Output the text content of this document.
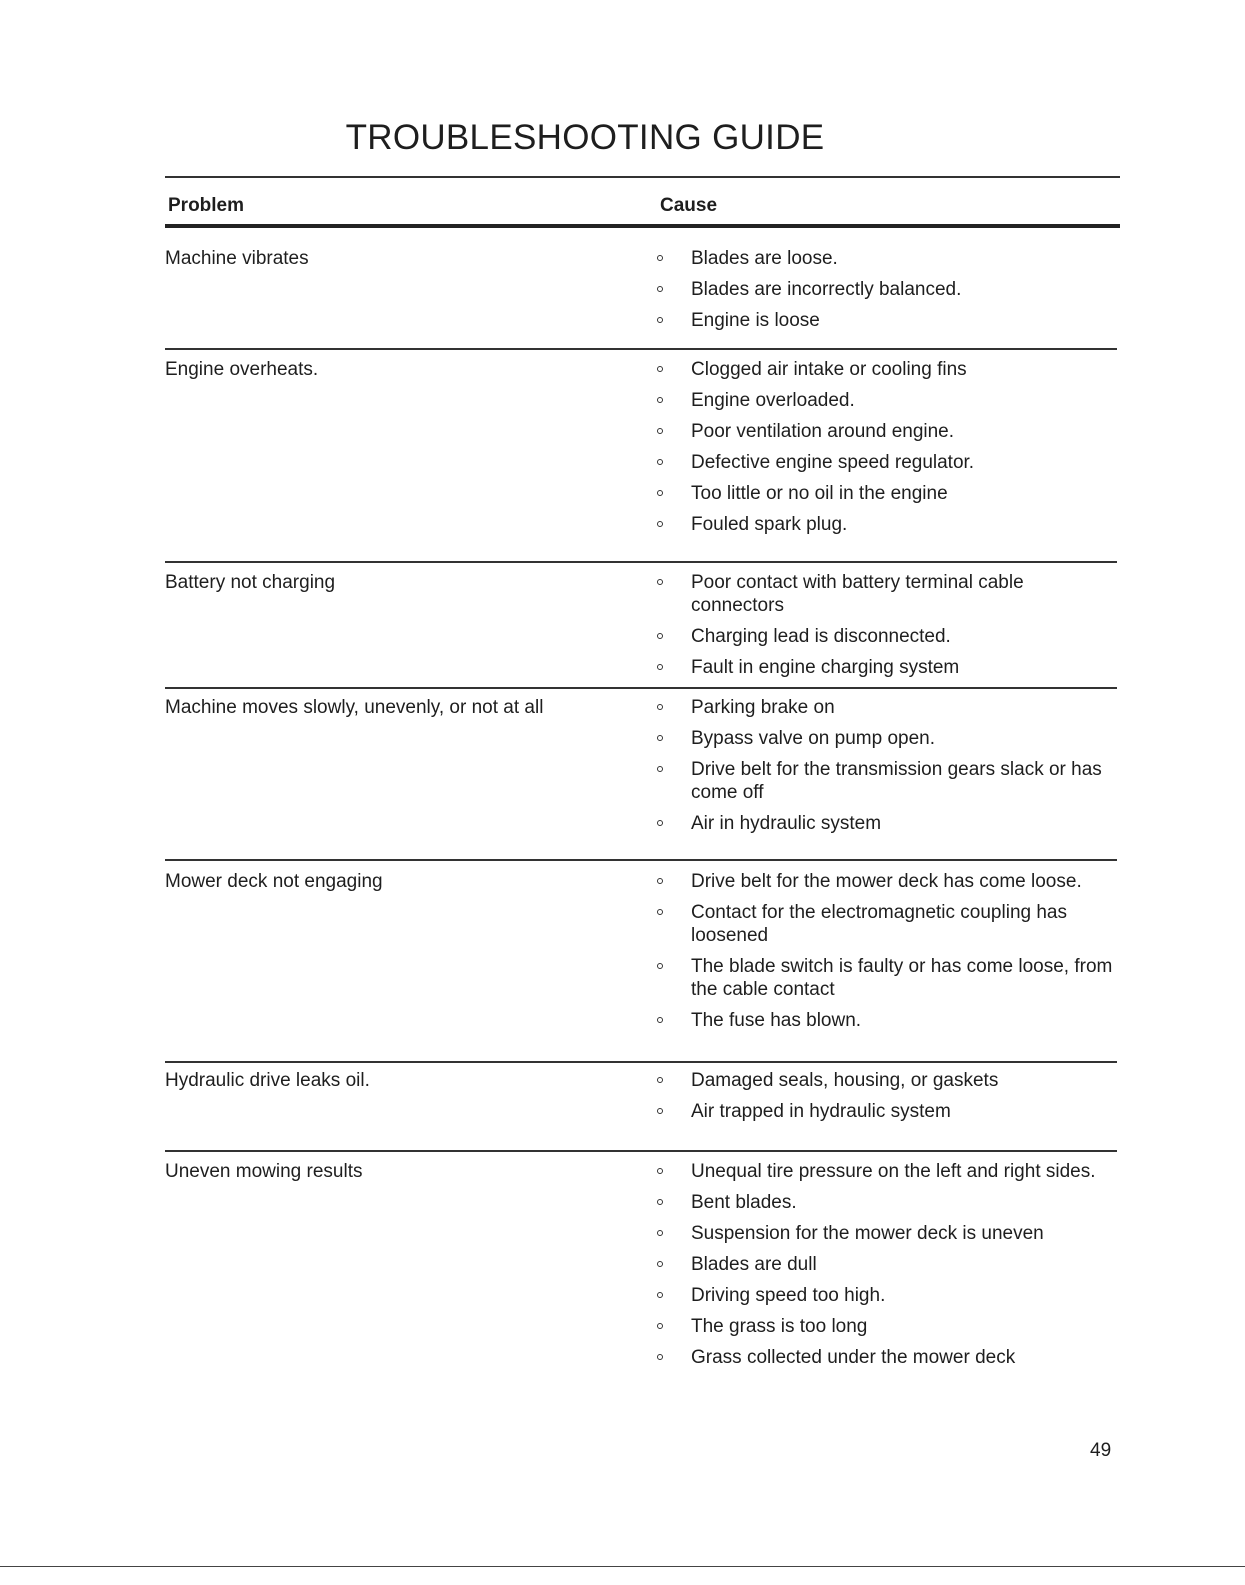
TROUBLESHOOTING GUIDE
Problem	Cause
Machine vibrates	Blades are loose.
Blades are incorrectly balanced.
Engine is loose
Engine overheats.	Clogged air intake or cooling fins
Engine overloaded.
Poor ventilation around engine.
Defective engine speed regulator.
Too little or no oil in the engine
Fouled spark plug.
Battery not charging	Poor contact with battery terminal cable connectors
Charging lead is disconnected.
Fault in engine charging system
Machine moves slowly, unevenly, or not at all	Parking brake on
Bypass valve on pump open.
Drive belt for the transmission gears slack or has come off
Air in hydraulic system
Mower deck not engaging	Drive belt for the mower deck has come loose.
Contact for the electromagnetic coupling has loosened
The blade switch is faulty or has come loose, from the cable contact
The fuse has blown.
Hydraulic drive leaks oil.	Damaged seals, housing, or gaskets
Air trapped in hydraulic system
Uneven mowing results	Unequal tire pressure on the left and right sides.
Bent blades.
Suspension for the mower deck is uneven
Blades are dull
Driving speed too high.
The grass is too long
Grass collected under the mower deck
49
